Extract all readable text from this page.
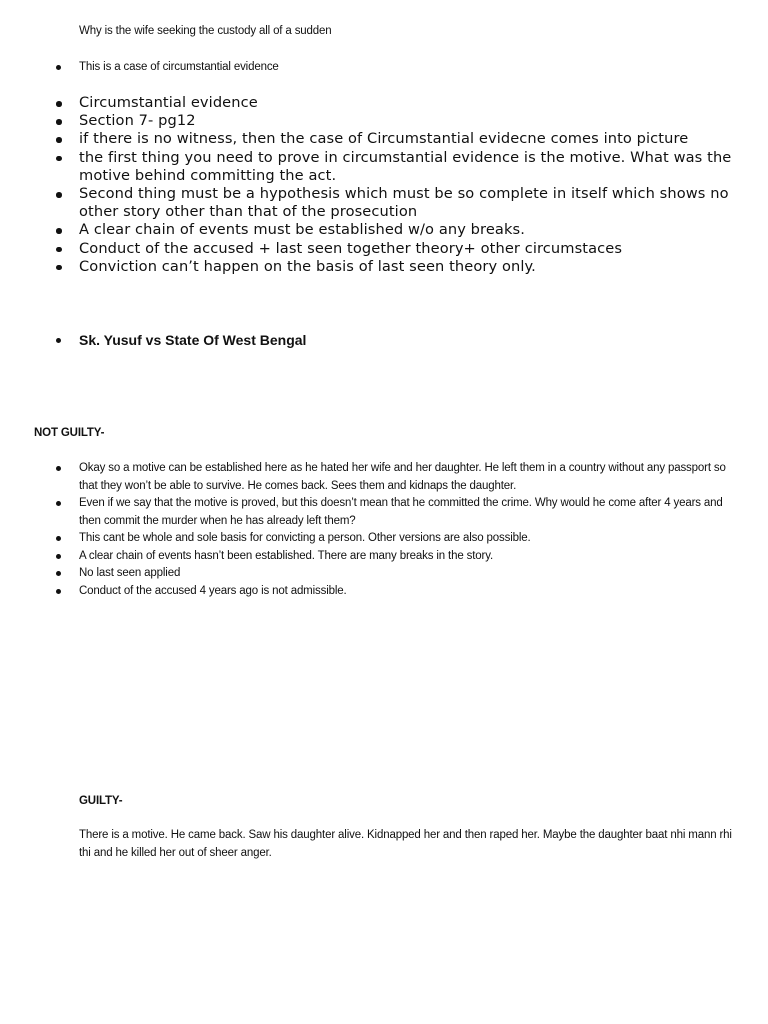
Why is the wife seeking the custody all of a sudden

This is a case of circumstantial evidence
Circumstantial evidence
Section 7- pg12
if there is no witness, then the case of Circumstantial evidecne comes into picture
the first thing you need to prove in circumstantial evidence is the motive. What was the motive behind committing the act.
Second thing must be a hypothesis which must be so complete in itself which shows no other story other than that of the prosecution
A clear chain of events must be established w/o any breaks.
Conduct of the accused + last seen together theory+ other circumstaces
Conviction can’t happen on the basis of last seen theory only.
Sk. Yusuf vs State Of West Bengal

NOT GUILTY-

Okay so a motive can be established here as he hated her wife and her daughter. He left them in a country without any passport so that they won’t be able to survive. He comes back. Sees them and kidnaps the daughter.
Even if we say that the motive is proved, but this doesn’t mean that he committed the crime. Why would he come after 4 years and then commit the murder when he has already left them?
This cant be whole and sole basis for convicting a person. Other versions are also possible.
A clear chain of events hasn’t been established. There are many breaks in the story.
No last seen applied
Conduct of the accused 4 years ago is not admissible.

GUILTY-

There is a motive. He came back. Saw his daughter alive. Kidnapped her and then raped her. Maybe the daughter baat nhi mann rhi thi and he killed her out of sheer anger.
